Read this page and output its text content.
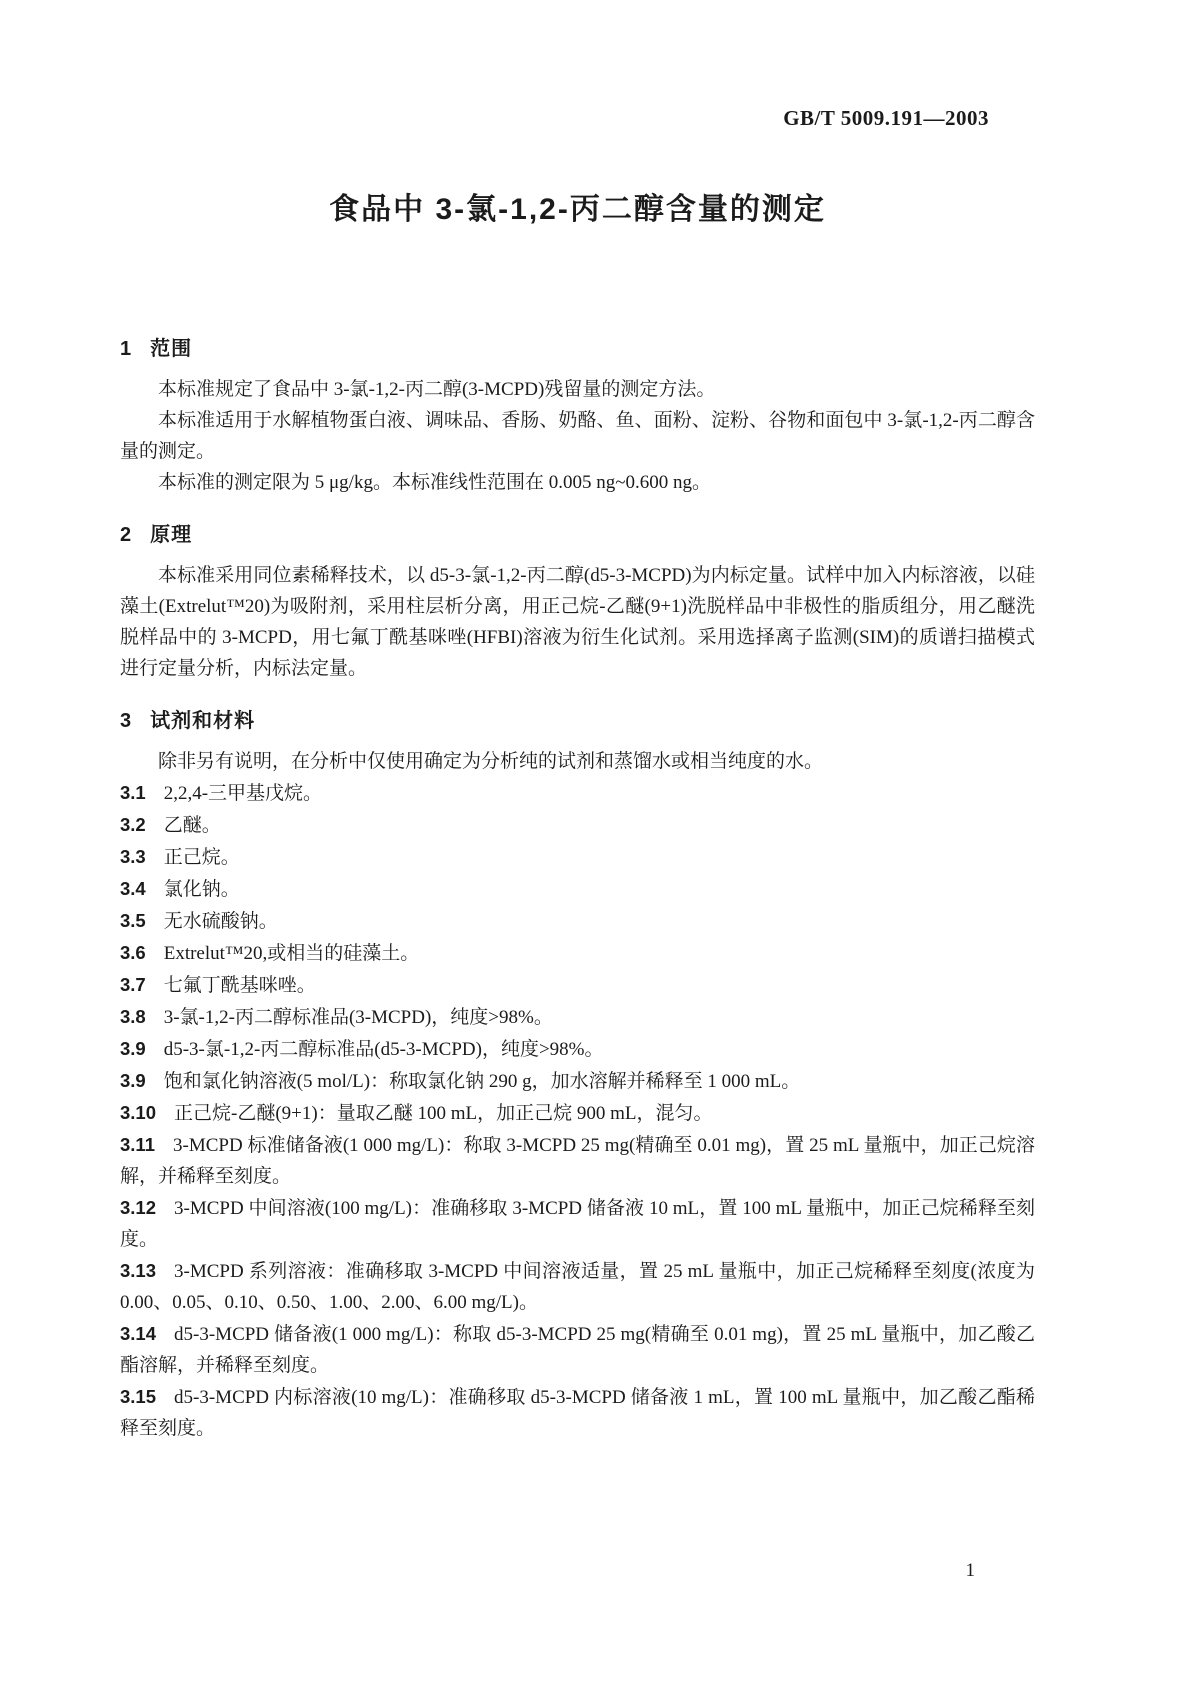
GB/T 5009.191—2003
食品中 3-氯-1,2-丙二醇含量的测定
1 范围

本标准规定了食品中 3-氯-1,2-丙二醇(3-MCPD)残留量的测定方法。

本标准适用于水解植物蛋白液、调味品、香肠、奶酪、鱼、面粉、淀粉、谷物和面包中 3-氯-1,2-丙二醇含量的测定。

本标准的测定限为 5 μg/kg。本标准线性范围在 0.005 ng~0.600 ng。

2 原理

本标准采用同位素稀释技术，以 d5-3-氯-1,2-丙二醇(d5-3-MCPD)为内标定量。试样中加入内标溶液，以硅藻土(Extrelut™20)为吸附剂，采用柱层析分离，用正己烷-乙醚(9+1)洗脱样品中非极性的脂质组分，用乙醚洗脱样品中的 3-MCPD，用七氟丁酰基咪唑(HFBI)溶液为衍生化试剂。采用选择离子监测(SIM)的质谱扫描模式进行定量分析，内标法定量。

3 试剂和材料

除非另有说明，在分析中仅使用确定为分析纯的试剂和蒸馏水或相当纯度的水。

3.1 2,2,4-三甲基戊烷。

3.2 乙醚。

3.3 正己烷。

3.4 氯化钠。

3.5 无水硫酸钠。

3.6 Extrelut™20,或相当的硅藻土。

3.7 七氟丁酰基咪唑。

3.8 3-氯-1,2-丙二醇标准品(3-MCPD)，纯度>98%。

3.9 d5-3-氯-1,2-丙二醇标准品(d5-3-MCPD)，纯度>98%。

3.9 饱和氯化钠溶液(5 mol/L)：称取氯化钠 290 g，加水溶解并稀释至 1 000 mL。

3.10 正己烷-乙醚(9+1)：量取乙醚 100 mL，加正己烷 900 mL，混匀。

3.11 3-MCPD 标准储备液(1 000 mg/L)：称取 3-MCPD 25 mg(精确至 0.01 mg)，置 25 mL 量瓶中，加正己烷溶解，并稀释至刻度。

3.12 3-MCPD 中间溶液(100 mg/L)：准确移取 3-MCPD 储备液 10 mL，置 100 mL 量瓶中，加正己烷稀释至刻度。

3.13 3-MCPD 系列溶液：准确移取 3-MCPD 中间溶液适量，置 25 mL 量瓶中，加正己烷稀释至刻度(浓度为 0.00、0.05、0.10、0.50、1.00、2.00、6.00 mg/L)。

3.14 d5-3-MCPD 储备液(1 000 mg/L)：称取 d5-3-MCPD 25 mg(精确至 0.01 mg)，置 25 mL 量瓶中，加乙酸乙酯溶解，并稀释至刻度。

3.15 d5-3-MCPD 内标溶液(10 mg/L)：准确移取 d5-3-MCPD 储备液 1 mL，置 100 mL 量瓶中，加乙酸乙酯稀释至刻度。

1
